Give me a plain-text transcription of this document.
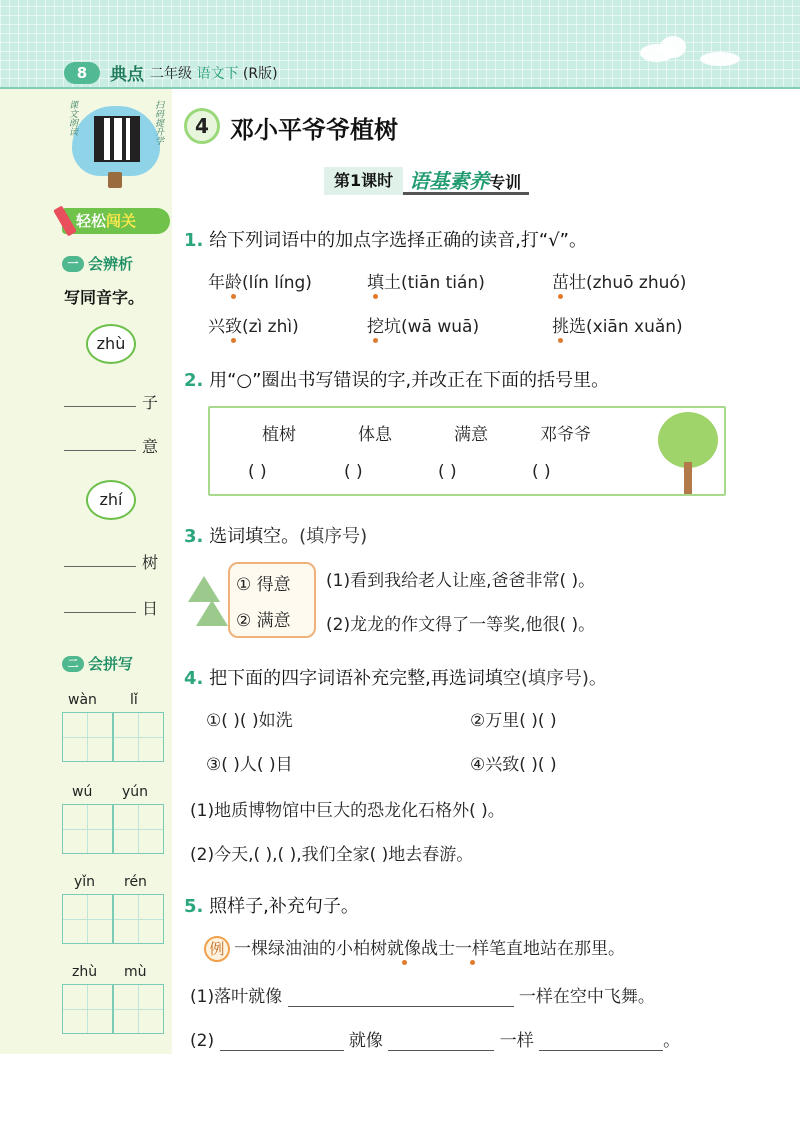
8	典点 二年级 语文下 (R版)
课文朗读	扫码提升学
轻松闯关
一 会辨析
写同音字。
zhù
子
意
zhí
树
日
二 会拼写
wàn lǐ
wú yún
yǐn rén
zhù mù
4 邓小平爷爷植树
第1课时 语基素养专训
1. 给下列词语中的加点字选择正确的读音,打“√”。
年龄(lín líng)	填土(tiān tián)	茁壮(zhuō zhuó)
兴致(zì zhì)	挖坑(wā wuā)	挑选(xiān xuǎn)
2. 用“○”圈出书写错误的字,并改正在下面的括号里。
植树	体息	满意	邓爷爷
( )	( )	( )	( )
3. 选词填空。(填序号)
① 得意
② 满意
(1)看到我给老人让座,爸爸非常( )。
(2)龙龙的作文得了一等奖,他很( )。
4. 把下面的四字词语补充完整,再选词填空(填序号)。
①( )( )如洗	②万里( )( )
③( )人( )目	④兴致( )( )
(1)地质博物馆中巨大的恐龙化石格外( )。
(2)今天,( ),( ),我们全家( )地去春游。
5. 照样子,补充句子。
例 一棵绿油油的小柏树就像战士一样笔直地站在那里。
(1)落叶就像	一样在空中飞舞。
(2)	就像	一样	。
